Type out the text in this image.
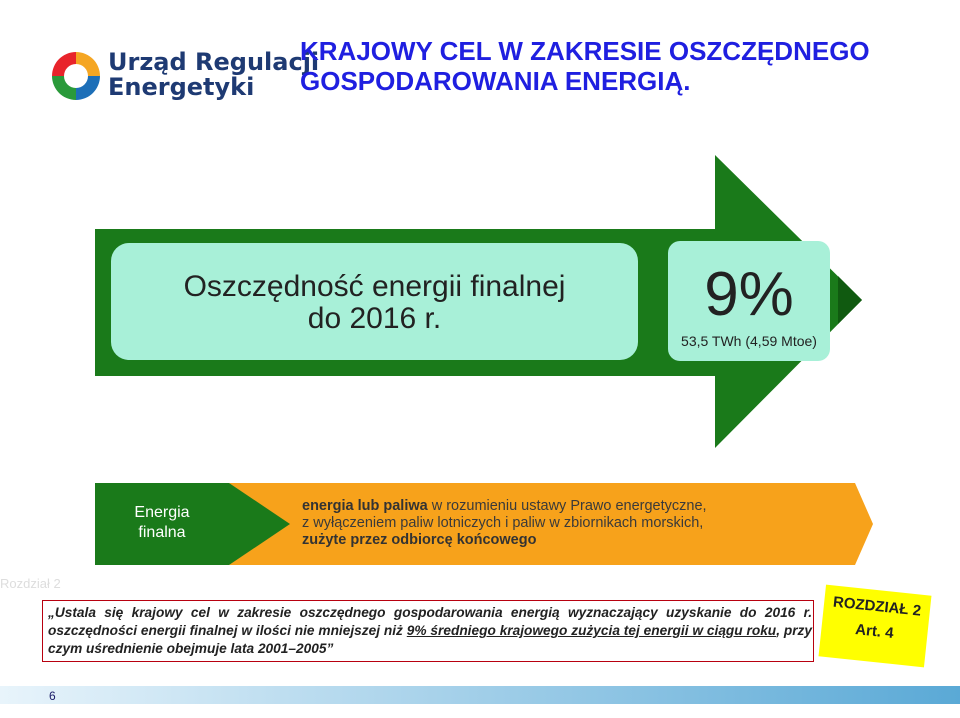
Urząd Regulacji
Energetyki
KRAJOWY CEL W ZAKRESIE OSZCZĘDNEGO
GOSPODAROWANIA ENERGIĄ.
Oszczędność energii finalnej
do 2016 r.	9%
53,5 TWh (4,59 Mtoe)
Energia
finalna
energia lub paliwa w rozumieniu ustawy Prawo energetyczne,
z wyłączeniem paliw lotniczych i paliw w zbiornikach morskich,
zużyte przez odbiorcę końcowego
Rozdział 2
„Ustala się krajowy cel w zakresie oszczędnego gospodarowania energią wyznaczający uzyskanie do 2016 r. oszczędności energii finalnej w ilości nie mniejszej niż 9% średniego krajowego zużycia tej energii w ciągu roku, przy czym uśrednienie obejmuje lata 2001–2005”
ROZDZIAŁ 2
Art. 4
6
